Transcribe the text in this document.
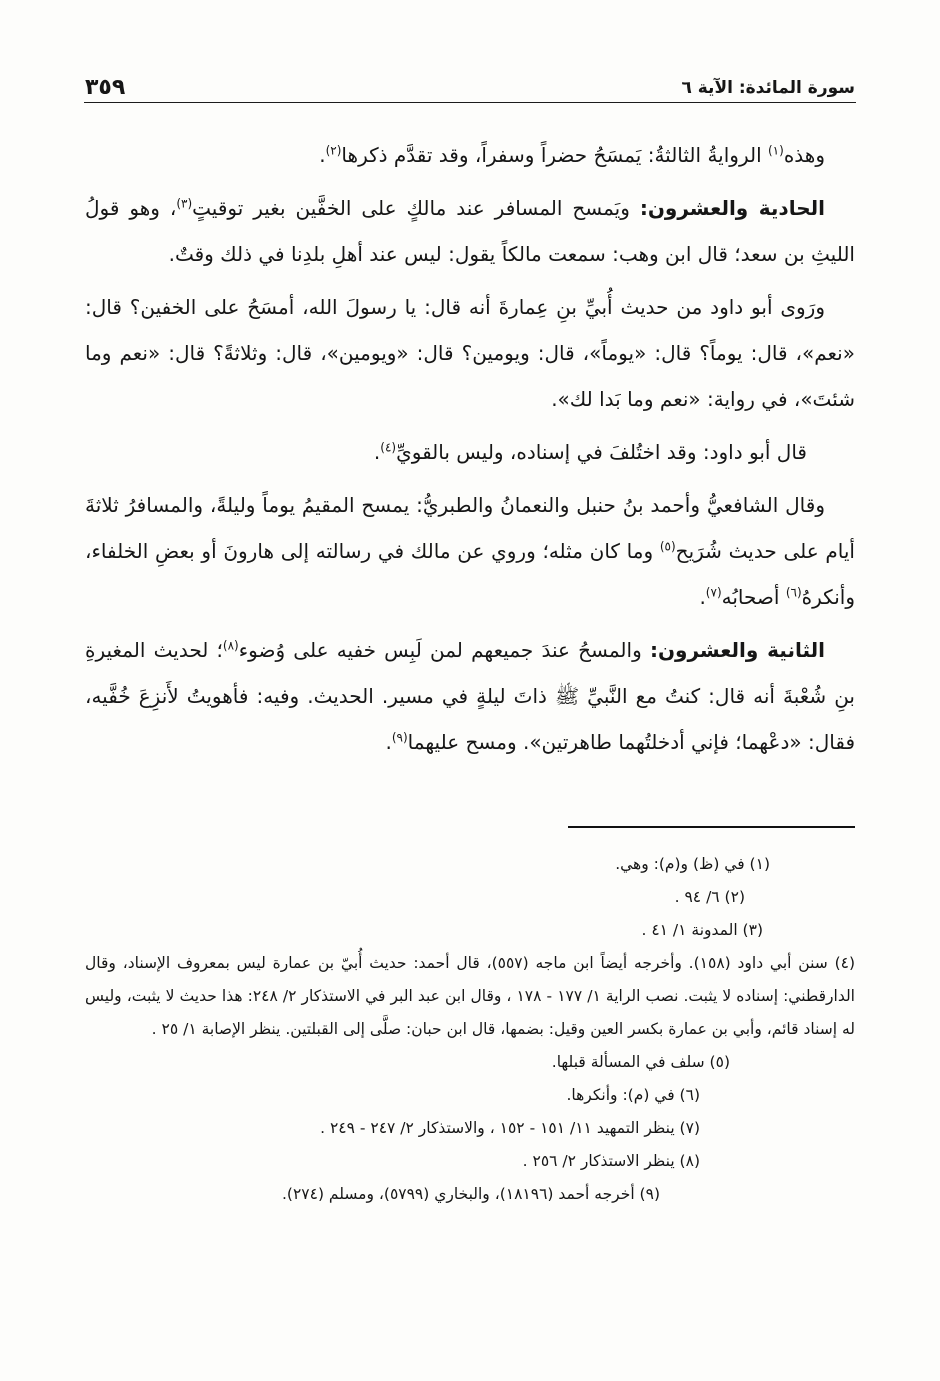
سورة المائدة: الآية ٦
٣٥٩

وهذه$^{(١)}$ الروايةُ الثالثةُ: يَمسَحُ حضراً وسفراً، وقد تقدَّم ذكرها$^{(٢)}$.

الحادية والعشرون: ويَمسح المسافر عند مالكٍ على الخفَّين بغير توقيتٍ$^{(٣)}$، وهو قولُ الليثِ بن سعد؛ قال ابن وهب: سمعت مالكاً يقول: ليس عند أهلِ بلدِنا في ذلك وقتٌ.

ورَوى أبو داود من حديث أُبيِّ بنِ عِمارةَ أنه قال: يا رسولَ الله، أمسَحُ على الخفين؟ قال: «نعم»، قال: يوماً؟ قال: «يوماً»، قال: ويومين؟ قال: «ويومين»، قال: وثلاثةً؟ قال: «نعم وما شئتَ»، في رواية: «نعم وما بَدا لك».

قال أبو داود: وقد اختُلفَ في إسناده، وليس بالقويِّ$^{(٤)}$.

وقال الشافعيُّ وأحمد بنُ حنبل والنعمانُ والطبريُّ: يمسح المقيمُ يوماً وليلةً، والمسافرُ ثلاثةَ أيام على حديث شُرَيح$^{(٥)}$ وما كان مثله؛ وروي عن مالك في رسالته إلى هارونَ أو بعضِ الخلفاء، وأنكرهُ$^{(٦)}$ أصحابُه$^{(٧)}$.

الثانية والعشرون: والمسحُ عندَ جميعهم لمن لَبِس خفيه على وُضوء$^{(٨)}$؛ لحديث المغيرةِ بنِ شُعْبةَ أنه قال: كنتُ مع النَّبيِّ ﷺ ذاتَ ليلةٍ في مسير. الحديث. وفيه: فأهويتُ لأَنزِعَ خُفَّيه، فقال: «دعْهما؛ فإني أدخلتُهما طاهرتين». ومسح عليهما$^{(٩)}$.

(١) في (ظ) و(م): وهي.
(٢) ٦/ ٩٤ .
(٣) المدونة ١/ ٤١ .
(٤) سنن أبي داود (١٥٨). وأخرجه أيضاً ابن ماجه (٥٥٧)، قال أحمد: حديث أُبيّ بن عمارة ليس بمعروف الإسناد، وقال الدارقطني: إسناده لا يثبت. نصب الراية ١/ ١٧٧ - ١٧٨ ، وقال ابن عبد البر في الاستذكار ٢/ ٢٤٨: هذا حديث لا يثبت، وليس له إسناد قائم، وأبي بن عمارة بكسر العين وقيل: بضمها، قال ابن حبان: صلَّى إلى القبلتين. ينظر الإصابة ١/ ٢٥ .
(٥) سلف في المسألة قبلها.
(٦) في (م): وأنكرها.
(٧) ينظر التمهيد ١١/ ١٥١ - ١٥٢ ، والاستذكار ٢/ ٢٤٧ - ٢٤٩ .
(٨) ينظر الاستذكار ٢/ ٢٥٦ .
(٩) أخرجه أحمد (١٨١٩٦)، والبخاري (٥٧٩٩)، ومسلم (٢٧٤).
